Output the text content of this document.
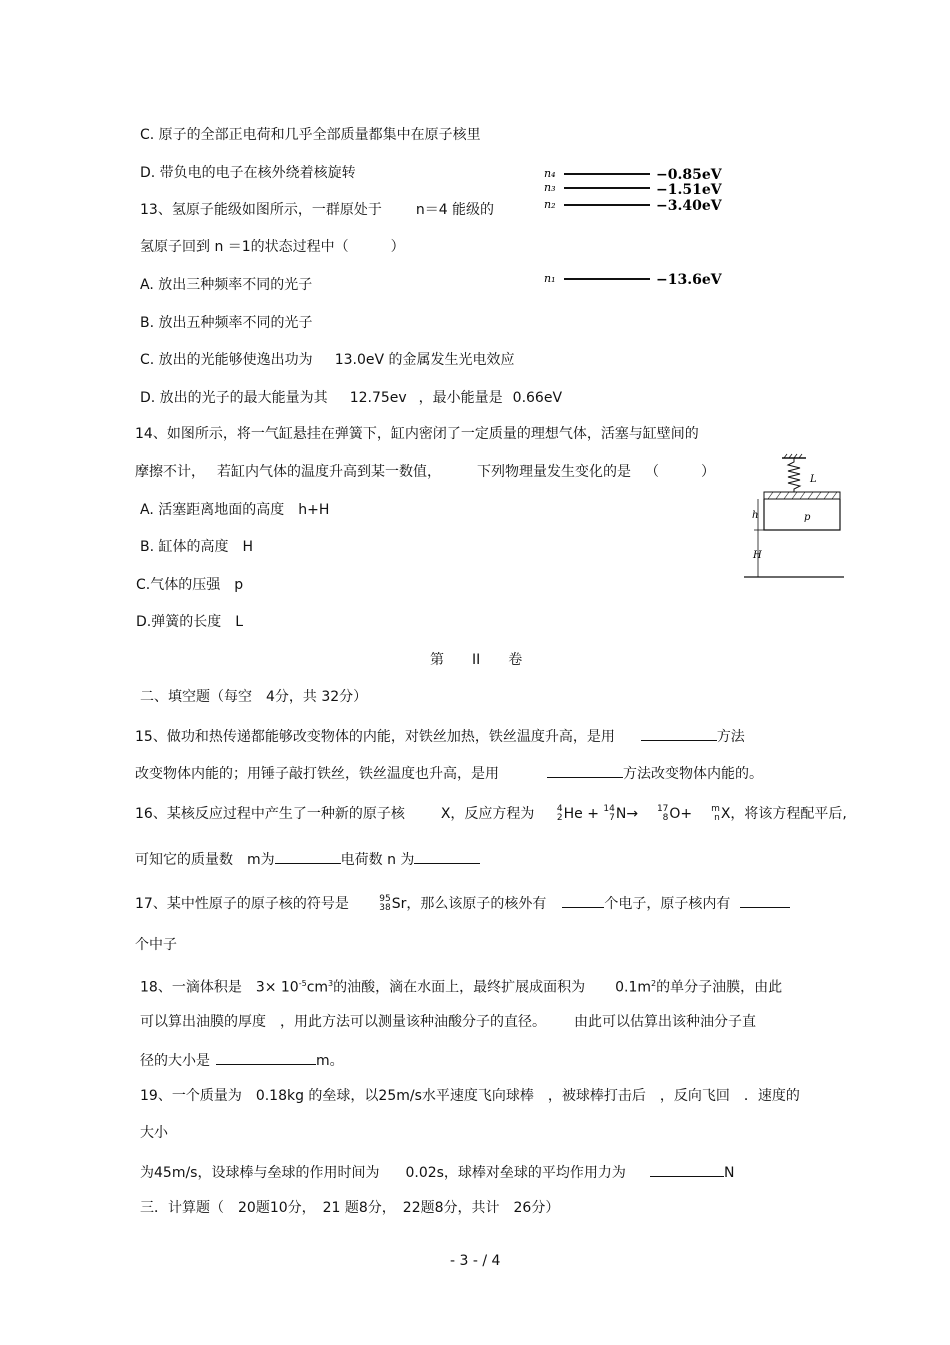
C. 原子的全部正电荷和几乎全部质量都集中在原子核里
D. 带负电的电子在核外绕着核旋转
13、氢原子能级如图所示，一群原处于 n＝4 能级的
氢原子回到 n ＝1的状态过程中（　　　）
A. 放出三种频率不同的光子
B. 放出五种频率不同的光子
C. 放出的光能够使逸出功为 13.0eV 的金属发生光电效应
D. 放出的光子的最大能量为其 12.75ev ，最小能量是 0.66eV
n₄
n₃
n₂
n₁
−0.85eV
−1.51eV
−3.40eV
−13.6eV
14、如图所示，将一气缸悬挂在弹簧下，缸内密闭了一定质量的理想气体，活塞与缸壁间的
摩擦不计， 若缸内气体的温度升高到某一数值，	下列物理量发生变化的是 （　　　）
A. 活塞距离地面的高度　h+H
B. 缸体的高度　H
C.气体的压强　p
D.弹簧的长度　L
L
p
h
H
第　　II　　卷
二、填空题（每空　4分，共 32分）
15、做功和热传递都能够改变物体的内能，对铁丝加热，铁丝温度升高，是用	方法
改变物体内能的；用锤子敲打铁丝，铁丝温度也升高，是用	方法改变物体内能的。
16、某核反应过程中产生了一种新的原子核	X，反应方程为 4
2He + 14
7N→ 17
8O+ m
nX，将该方程配平后,
可知它的质量数　m为	电荷数 n 为
17、某中性原子的原子核的符号是	95
38Sr，那么该原子的核外有	个电子，原子核内有
个中子
18、一滴体积是　$3\times 10^{-5}cm^3$的油酸，滴在水面上，最终扩展成面积为 $0.1m^2$的单分子油膜，由此
可以算出油膜的厚度　，用此方法可以测量该种油酸分子的直径。 由此可以估算出该种油分子直
径的大小是	m。
19、一个质量为　0.18kg 的垒球，以25m/s水平速度飞向球棒　，被球棒打击后　，反向飞回　．速度的
大小
为45m/s，设球棒与垒球的作用时间为 0.02s，球棒对垒球的平均作用力为	N
三．计算题（　20题10分，　21 题8分，　22题8分，共计　26分）
- 3 - / 4
